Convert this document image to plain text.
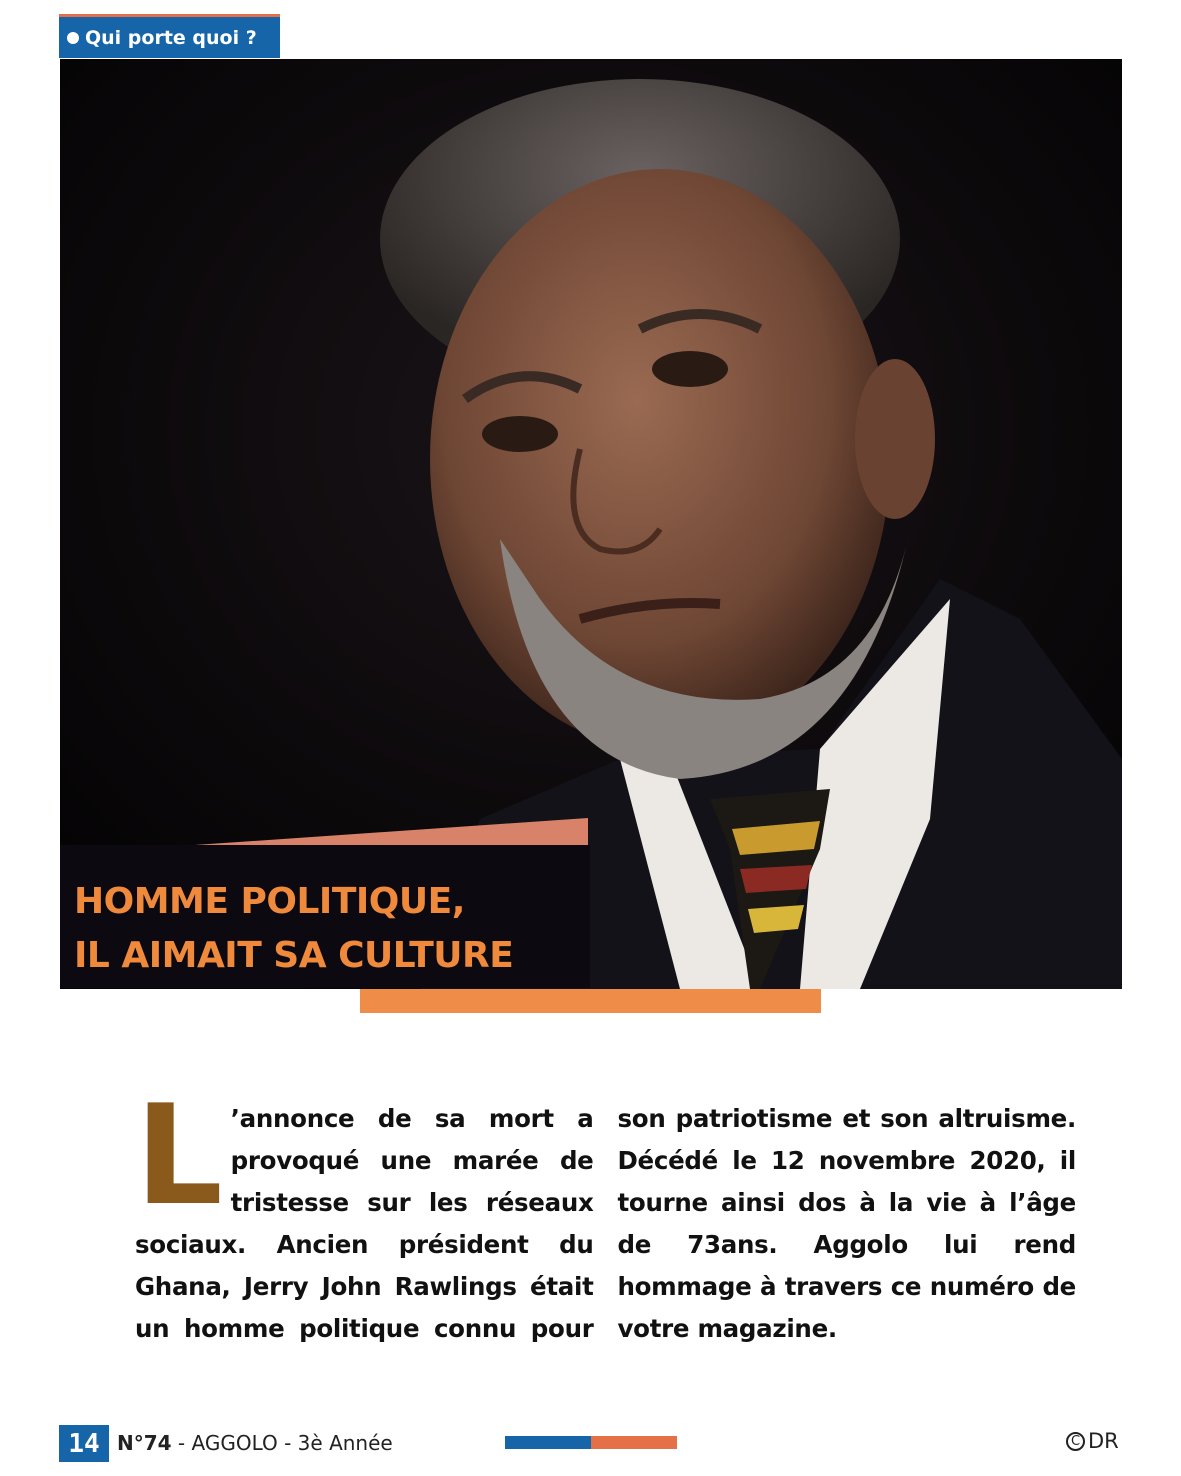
Qui porte quoi ?
HOMME POLITIQUE,
IL AIMAIT SA CULTURE
L ’annonce de sa mort a provoqué une marée de tristesse sur les réseaux sociaux. Ancien président du Ghana, Jerry John Rawlings était un homme politique connu pour son patriotisme et son altruisme. Décédé le 12 novembre 2020, il tourne ainsi dos à la vie à l’âge de 73ans. Aggolo lui rend hommage à travers ce numéro de votre magazine.
14 N°74 - AGGOLO - 3è Année	C DR
